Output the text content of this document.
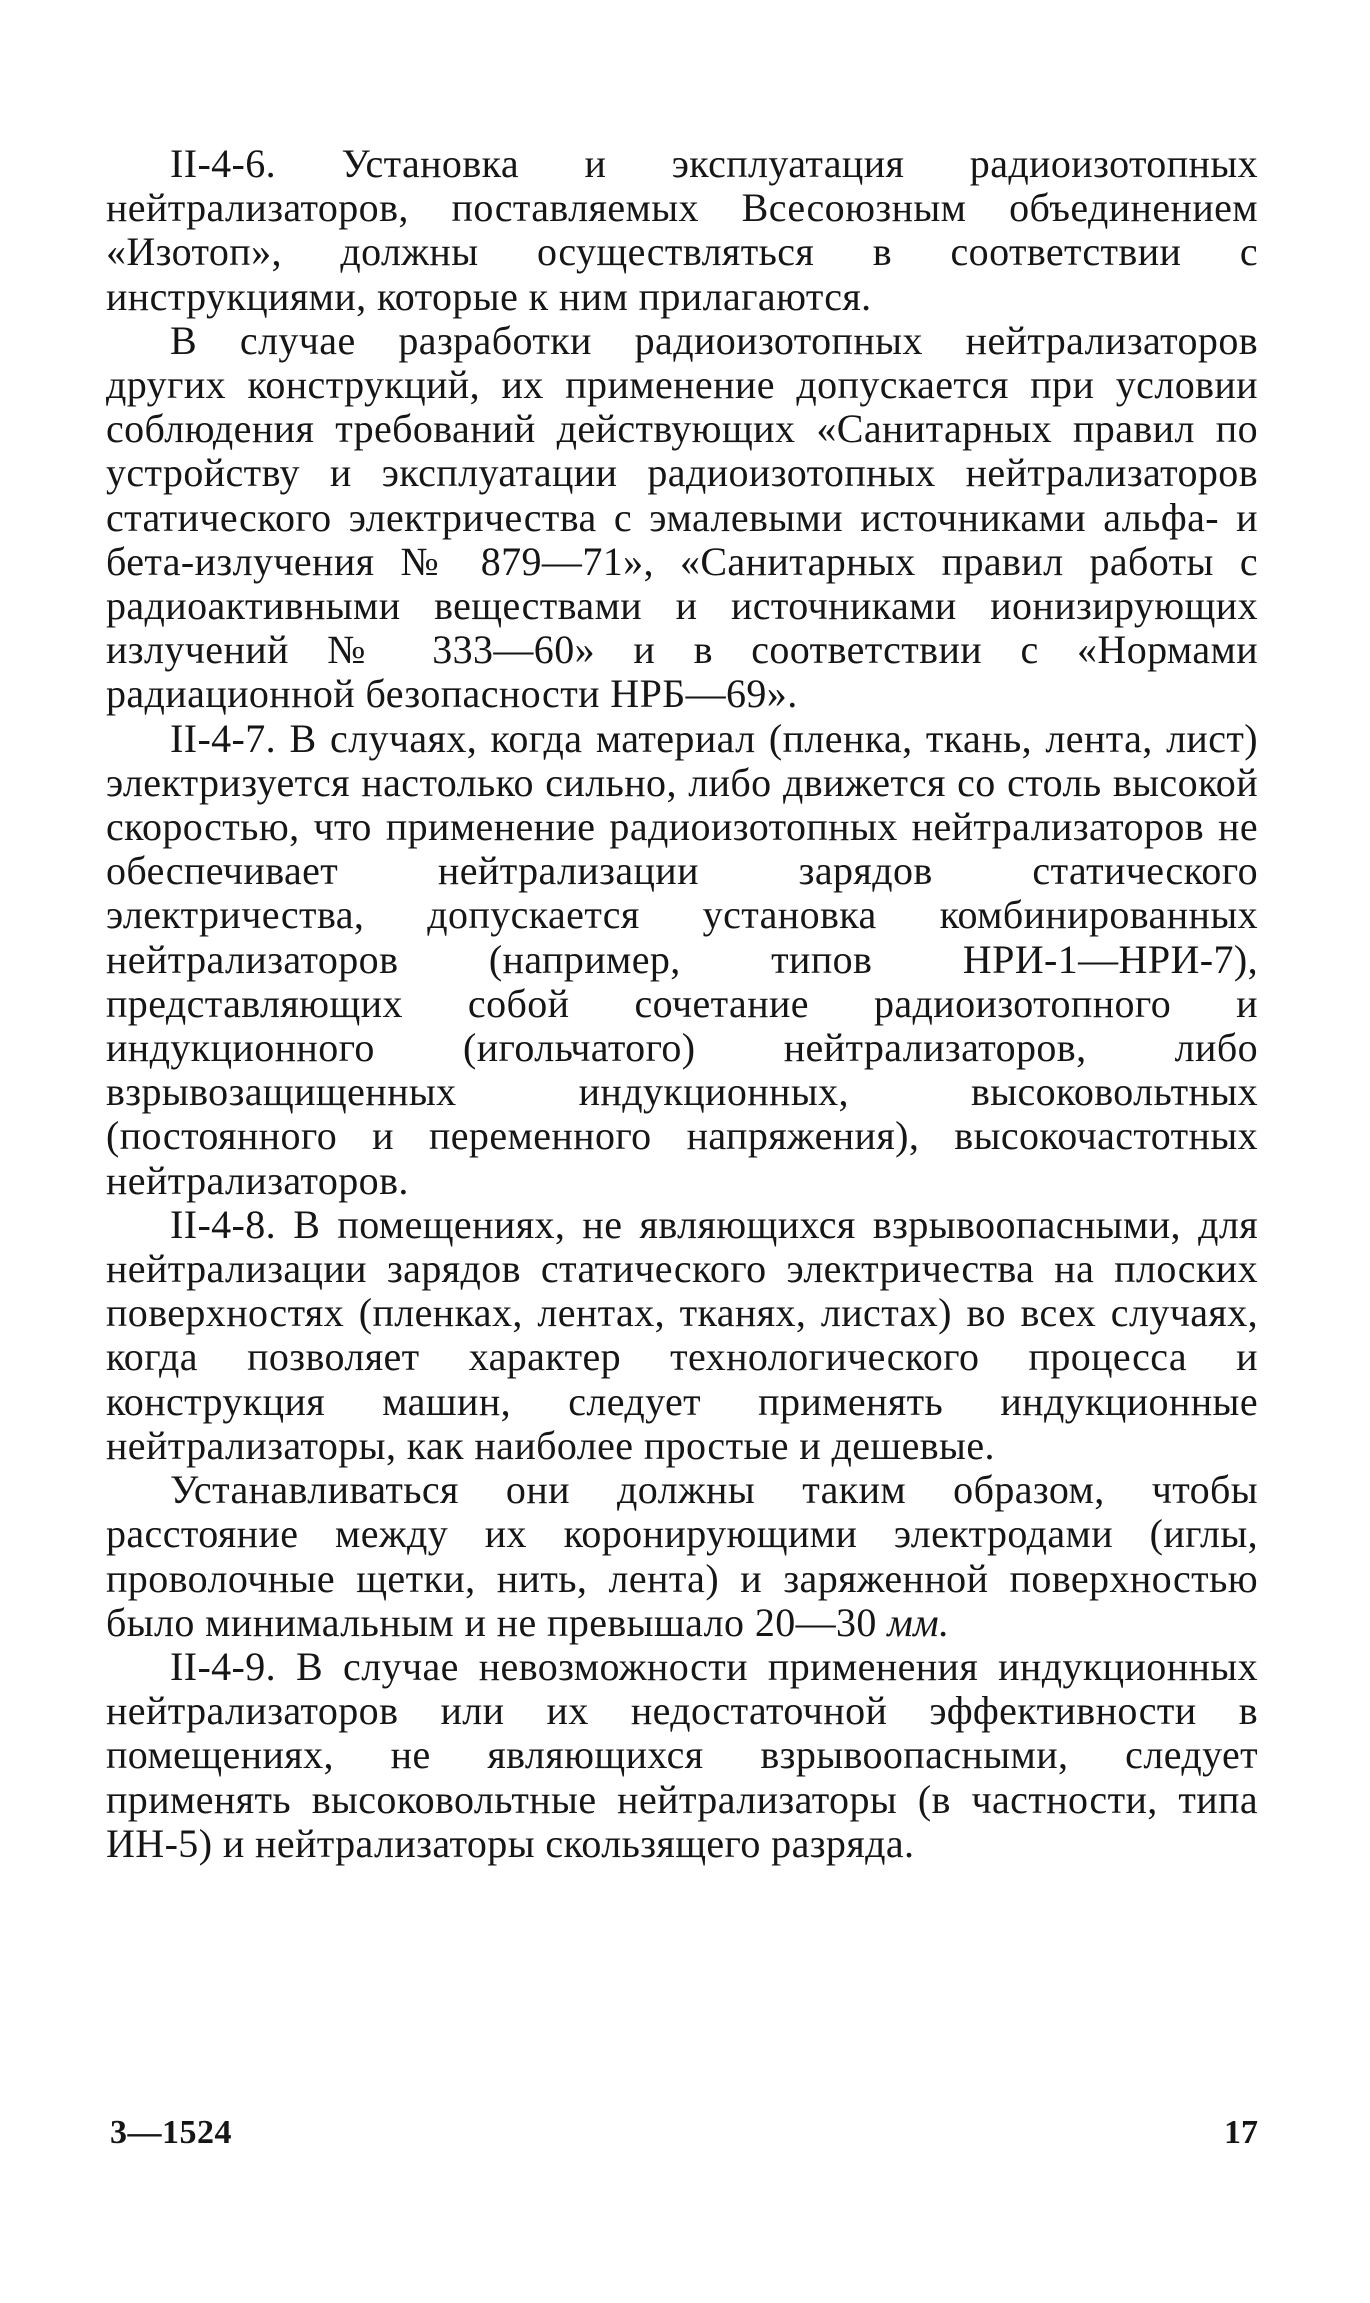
II-4-6. Установка и эксплуатация радиоизотопных нейтрализаторов, поставляемых Всесоюзным объединением «Изотоп», должны осуществляться в соответствии с инструкциями, которые к ним прилагаются.

В случае разработки радиоизотопных нейтрализаторов других конструкций, их применение допускается при условии соблюдения требований действующих «Санитарных правил по устройству и эксплуатации радиоизотопных нейтрализаторов статического электричества с эмалевыми источниками альфа- и бета-излучения № 879—71», «Санитарных правил работы с радиоактивными веществами и источниками ионизирующих излучений № 333—60» и в соответствии с «Нормами радиационной безопасности НРБ—69».

II-4-7. В случаях, когда материал (пленка, ткань, лента, лист) электризуется настолько сильно, либо движется со столь высокой скоростью, что применение радиоизотопных нейтрализаторов не обеспечивает нейтрализации зарядов статического электричества, допускается установка комбинированных нейтрализаторов (например, типов НРИ-1—НРИ-7), представляющих собой сочетание радиоизотопного и индукционного (игольчатого) нейтрализаторов, либо взрывозащищенных индукционных, высоковольтных (постоянного и переменного напряжения), высокочастотных нейтрализаторов.

II-4-8. В помещениях, не являющихся взрывоопасными, для нейтрализации зарядов статического электричества на плоских поверхностях (пленках, лентах, тканях, листах) во всех случаях, когда позволяет характер технологического процесса и конструкция машин, следует применять индукционные нейтрализаторы, как наиболее простые и дешевые.

Устанавливаться они должны таким образом, чтобы расстояние между их коронирующими электродами (иглы, проволочные щетки, нить, лента) и заряженной поверхностью было минимальным и не превышало 20—30 мм.

II-4-9. В случае невозможности применения индукционных нейтрализаторов или их недостаточной эффективности в помещениях, не являющихся взрывоопасными, следует применять высоковольтные нейтрализаторы (в частности, типа ИН-5) и нейтрализаторы скользящего разряда.

3—1524	17
